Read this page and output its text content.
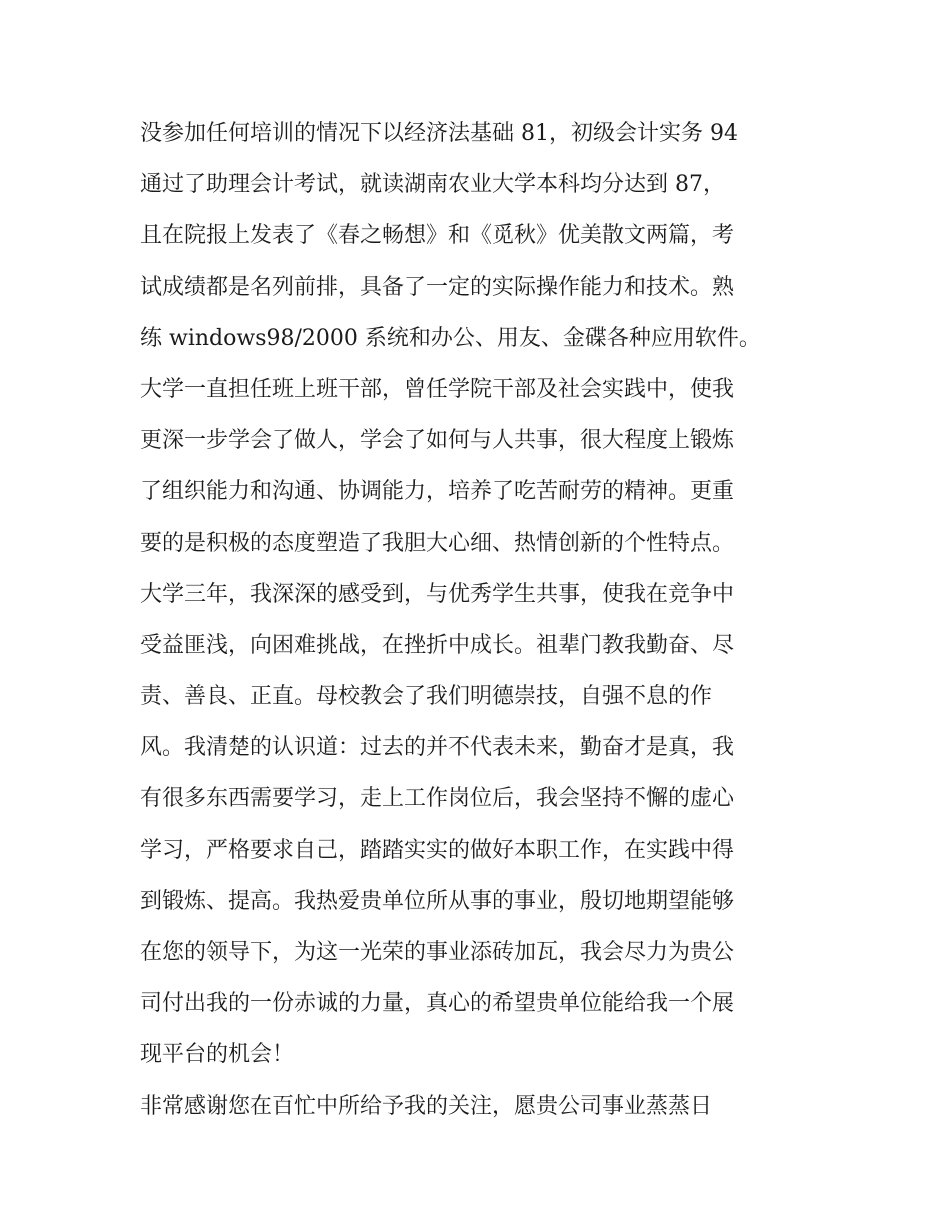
没参加任何培训的情况下以经济法基础 81，初级会计实务 94
通过了助理会计考试，就读湖南农业大学本科均分达到 87，
且在院报上发表了《春之畅想》和《觅秋》优美散文两篇，考
试成绩都是名列前排，具备了一定的实际操作能力和技术。熟
练 windows98/2000 系统和办公、用友、金碟各种应用软件。
大学一直担任班上班干部，曾任学院干部及社会实践中，使我
更深一步学会了做人，学会了如何与人共事，很大程度上锻炼
了组织能力和沟通、协调能力，培养了吃苦耐劳的精神。更重
要的是积极的态度塑造了我胆大心细、热情创新的个性特点。
大学三年，我深深的感受到，与优秀学生共事，使我在竞争中
受益匪浅，向困难挑战，在挫折中成长。祖辈门教我勤奋、尽
责、善良、正直。母校教会了我们明德崇技，自强不息的作
风。我清楚的认识道：过去的并不代表未来，勤奋才是真，我
有很多东西需要学习，走上工作岗位后，我会坚持不懈的虚心
学习，严格要求自己，踏踏实实的做好本职工作，在实践中得
到锻炼、提高。我热爱贵单位所从事的事业，殷切地期望能够
在您的领导下，为这一光荣的事业添砖加瓦，我会尽力为贵公
司付出我的一份赤诚的力量，真心的希望贵单位能给我一个展
现平台的机会！
非常感谢您在百忙中所给予我的关注，愿贵公司事业蒸蒸日
